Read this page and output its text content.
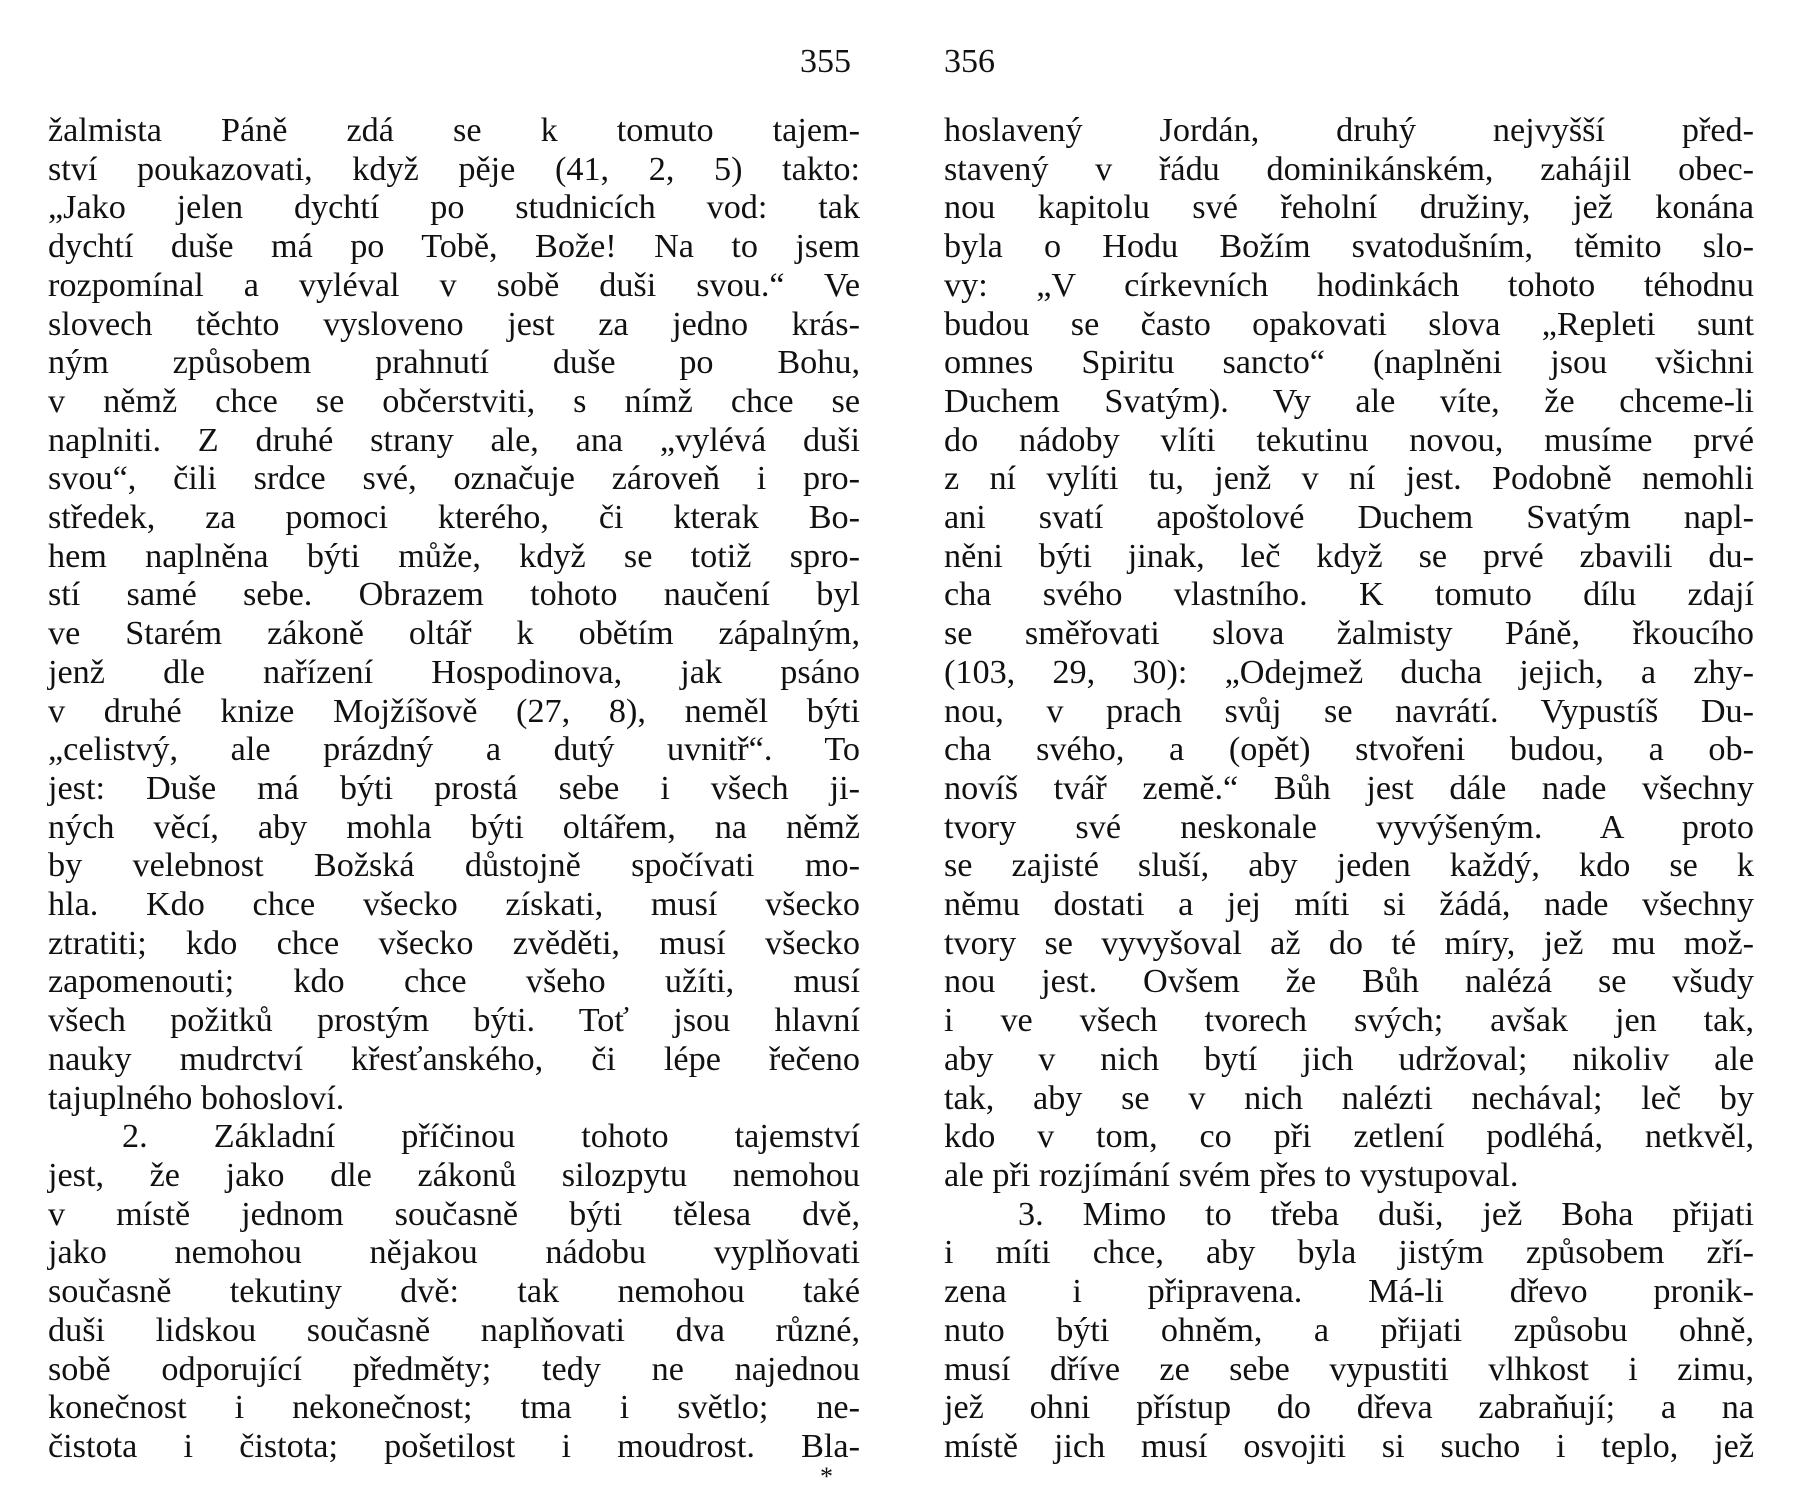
355	356
žalmista Páně zdá se k tomuto tajem-
ství poukazovati, když pěje (41, 2, 5) takto:
„Jako jelen dychtí po studnicích vod: tak
dychtí duše má po Tobě, Bože! Na to jsem
rozpomínal a vyléval v sobě duši svou.“ Ve
slovech těchto vysloveno jest za jedno krás-
ným způsobem prahnutí duše po Bohu,
v němž chce se občerstviti, s nímž chce se
naplniti. Z druhé strany ale, ana „vylévá duši
svou“, čili srdce své, označuje zároveň i pro-
středek, za pomoci kterého, či kterak Bo-
hem naplněna býti může, když se totiž spro-
stí samé sebe. Obrazem tohoto naučení byl
ve Starém zákoně oltář k obětím zápalným,
jenž dle nařízení Hospodinova, jak psáno
v druhé knize Mojžíšově (27, 8), neměl býti
„celistvý, ale prázdný a dutý uvnitř“. To
jest: Duše má býti prostá sebe i všech ji-
ných věcí, aby mohla býti oltářem, na němž
by velebnost Božská důstojně spočívati mo-
hla. Kdo chce všecko získati, musí všecko
ztratiti; kdo chce všecko zvěděti, musí všecko
zapomenouti; kdo chce všeho užíti, musí
všech požitků prostým býti. Toť jsou hlavní
nauky mudrctví křesťanského, či lépe řečeno
tajuplného bohosloví.
2. Základní příčinou tohoto tajemství
jest, že jako dle zákonů silozpytu nemohou
v místě jednom současně býti tělesa dvě,
jako nemohou nějakou nádobu vyplňovati
současně tekutiny dvě: tak nemohou také
duši lidskou současně naplňovati dva různé,
sobě odporující předměty; tedy ne najednou
konečnost i nekonečnost; tma i světlo; ne-
čistota i čistota; pošetilost i moudrost. Bla-
hoslavený Jordán, druhý nejvyšší před-
stavený v řádu dominikánském, zahájil obec-
nou kapitolu své řeholní družiny, jež konána
byla o Hodu Božím svatodušním, těmito slo-
vy: „V církevních hodinkách tohoto téhodnu
budou se často opakovati slova „Repleti sunt
omnes Spiritu sancto“ (naplněni jsou všichni
Duchem Svatým). Vy ale víte, že chceme-li
do nádoby vlíti tekutinu novou, musíme prvé
z ní vylíti tu, jenž v ní jest. Podobně nemohli
ani svatí apoštolové Duchem Svatým napl-
něni býti jinak, leč když se prvé zbavili du-
cha svého vlastního. K tomuto dílu zdají
se směřovati slova žalmisty Páně, řkoucího
(103, 29, 30): „Odejmež ducha jejich, a zhy-
nou, v prach svůj se navrátí. Vypustíš Du-
cha svého, a (opět) stvořeni budou, a ob-
novíš tvář země.“ Bůh jest dále nade všechny
tvory své neskonale vyvýšeným. A proto
se zajisté sluší, aby jeden každý, kdo se k
němu dostati a jej míti si žádá, nade všechny
tvory se vyvyšoval až do té míry, jež mu mož-
nou jest. Ovšem že Bůh nalézá se všudy
i ve všech tvorech svých; avšak jen tak,
aby v nich bytí jich udržoval; nikoliv ale
tak, aby se v nich nalézti nechával; leč by
kdo v tom, co při zetlení podléhá, netkvěl,
ale při rozjímání svém přes to vystupoval.
3. Mimo to třeba duši, jež Boha přijati
i míti chce, aby byla jistým způsobem zří-
zena i připravena. Má-li dřevo pronik-
nuto býti ohněm, a přijati způsobu ohně,
musí dříve ze sebe vypustiti vlhkost i zimu,
jež ohni přístup do dřeva zabraňují; a na
místě jich musí osvojiti si sucho i teplo, jež
*
